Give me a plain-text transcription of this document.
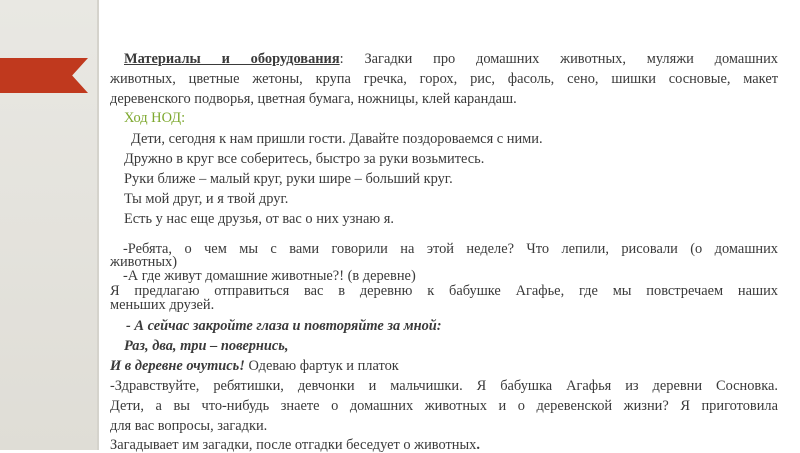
Материалы и оборудования: Загадки про домашних животных, муляжи домашних
животных, цветные жетоны, крупа гречка, горох, рис, фасоль, сено, шишки сосновые, макет
деревенского подворья, цветная бумага, ножницы, клей карандаш.
Ход НОД:
Дети, сегодня к нам пришли гости. Давайте поздороваемся с ними.
Дружно в круг все соберитесь, быстро за руки возьмитесь.
Руки ближе – малый круг, руки шире – больший круг.
Ты мой друг, и я твой друг.
Есть у нас еще друзья, от вас о них узнаю я.
-Ребята, о чем мы с вами говорили на этой неделе? Что лепили, рисовали (о домашних
животных)
-А где живут домашние животные?! (в деревне)
Я предлагаю отправиться вас в деревню к бабушке Агафье, где мы повстречаем наших
меньших друзей.
- А сейчас закройте глаза и повторяйте за мной:
Раз, два, три – повернись,
И в деревне очутись! Одеваю фартук и платок
-Здравствуйте, ребятишки, девчонки и мальчишки. Я бабушка Агафья из деревни Сосновка.
Дети, а вы что-нибудь знаете о домашних животных и о деревенской жизни? Я приготовила
для вас вопросы, загадки.
Загадывает им загадки, после отгадки беседует о животных.
